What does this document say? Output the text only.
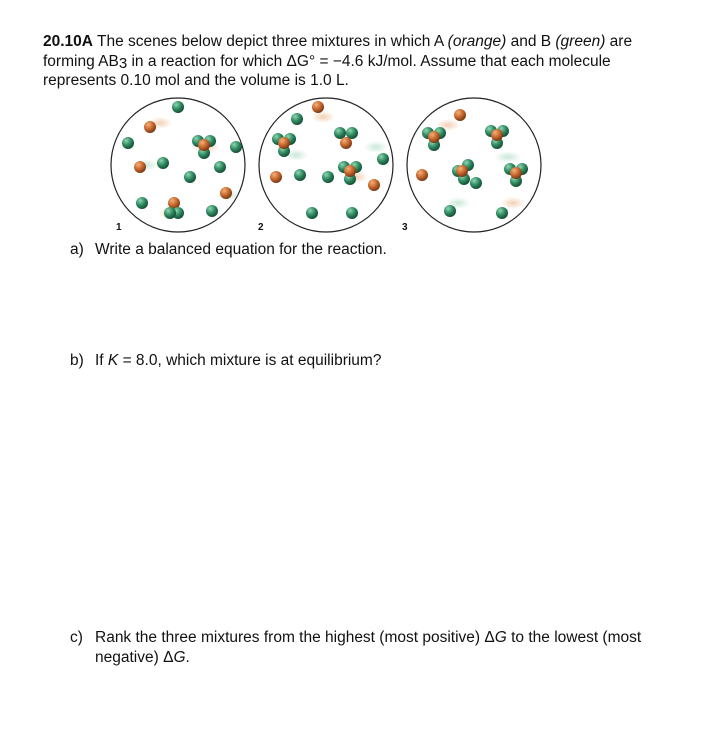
20.10A The scenes below depict three mixtures in which A (orange) and B (green) are forming AB3 in a reaction for which ΔG° = −4.6 kJ/mol. Assume that each molecule represents 0.10 mol and the volume is 1.0 L.
1	2	3
a) Write a balanced equation for the reaction.
b) If K = 8.0, which mixture is at equilibrium?
c) Rank the three mixtures from the highest (most positive) ΔG to the lowest (most negative) ΔG.
